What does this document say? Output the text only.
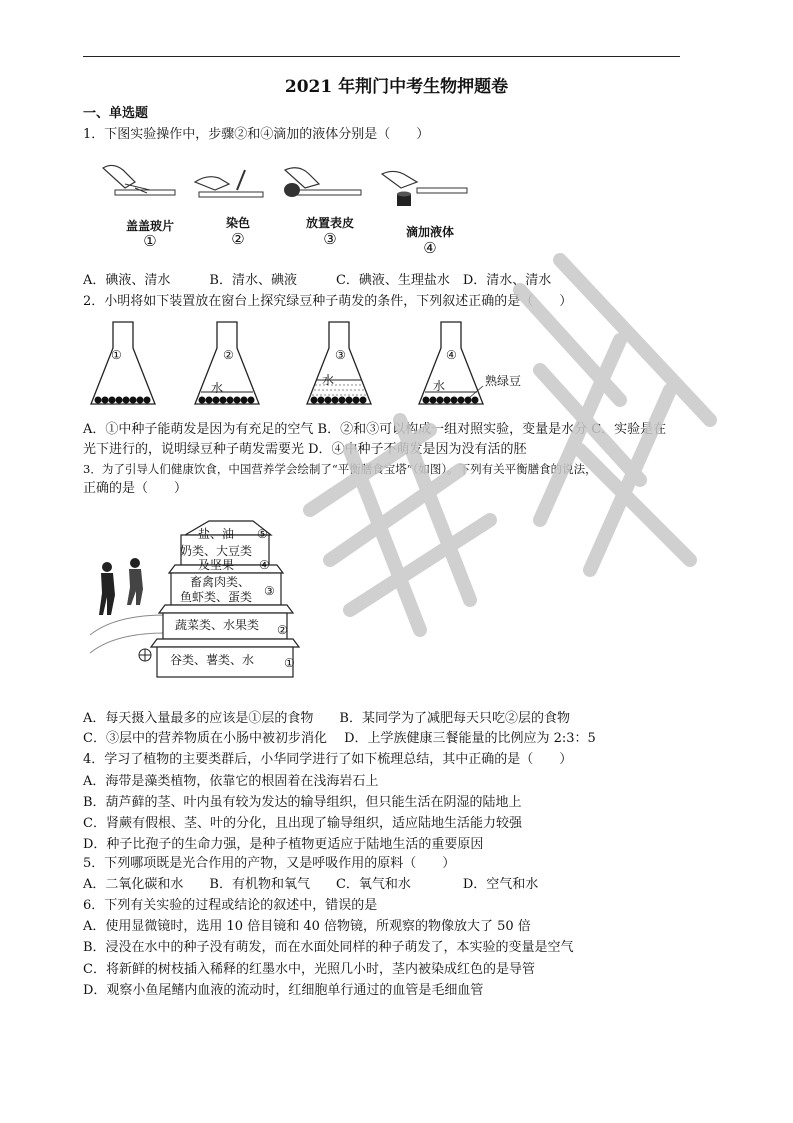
2021 年荆门中考生物押题卷
一、单选题
1．下图实验操作中，步骤②和④滴加的液体分别是（　　）
盖盖玻片
①
染色
②
放置表皮
③	滴加液体
④
A．碘液、清水　　　B．清水、碘液　　　C．碘液、生理盐水　D．清水、清水
2．小明将如下装置放在窗台上探究绿豆种子萌发的条件，下列叙述正确的是（　　）
①	②	③	④
水
水	水	熟绿豆
A．①中种子能萌发是因为有充足的空气 B．②和③可以构成一组对照实验，变量是水分 C．实验是在
光下进行的，说明绿豆种子萌发需要光 D．④中种子不萌发是因为没有活的胚
3．为了引导人们健康饮食，中国营养学会绘制了“平衡膳食宝塔”（如图）。下列有关平衡膳食的说法，
正确的是（　　）
盐、油 ⑤
奶类、大豆类
及坚果 ④
畜禽肉类、
鱼虾类、蛋类 ③
蔬菜类、水果类 ②
谷类、薯类、水 ①
A．每天摄入量最多的应该是①层的食物　　B．某同学为了减肥每天只吃②层的食物
C．③层中的营养物质在小肠中被初步消化　 D．上学族健康三餐能量的比例应为 2:3：5
4．学习了植物的主要类群后，小华同学进行了如下梳理总结，其中正确的是（　　）
A．海带是藻类植物，依靠它的根固着在浅海岩石上
B．葫芦藓的茎、叶内虽有较为发达的输导组织，但只能生活在阴湿的陆地上
C．肾蕨有假根、茎、叶的分化，且出现了输导组织，适应陆地生活能力较强
D．种子比孢子的生命力强，是种子植物更适应于陆地生活的重要原因
5．下列哪项既是光合作用的产物，又是呼吸作用的原料（　　）
A．二氧化碳和水　　B．有机物和氧气　　C．氧气和水　　　　D．空气和水
6．下列有关实验的过程或结论的叙述中，错误的是
A．使用显微镜时，选用 10 倍目镜和 40 倍物镜，所观察的物像放大了 50 倍
B．浸没在水中的种子没有萌发，而在水面处同样的种子萌发了，本实验的变量是空气
C．将新鲜的树枝插入稀释的红墨水中，光照几小时，茎内被染成红色的是导管
D．观察小鱼尾鳍内血液的流动时，红细胞单行通过的血管是毛细血管
